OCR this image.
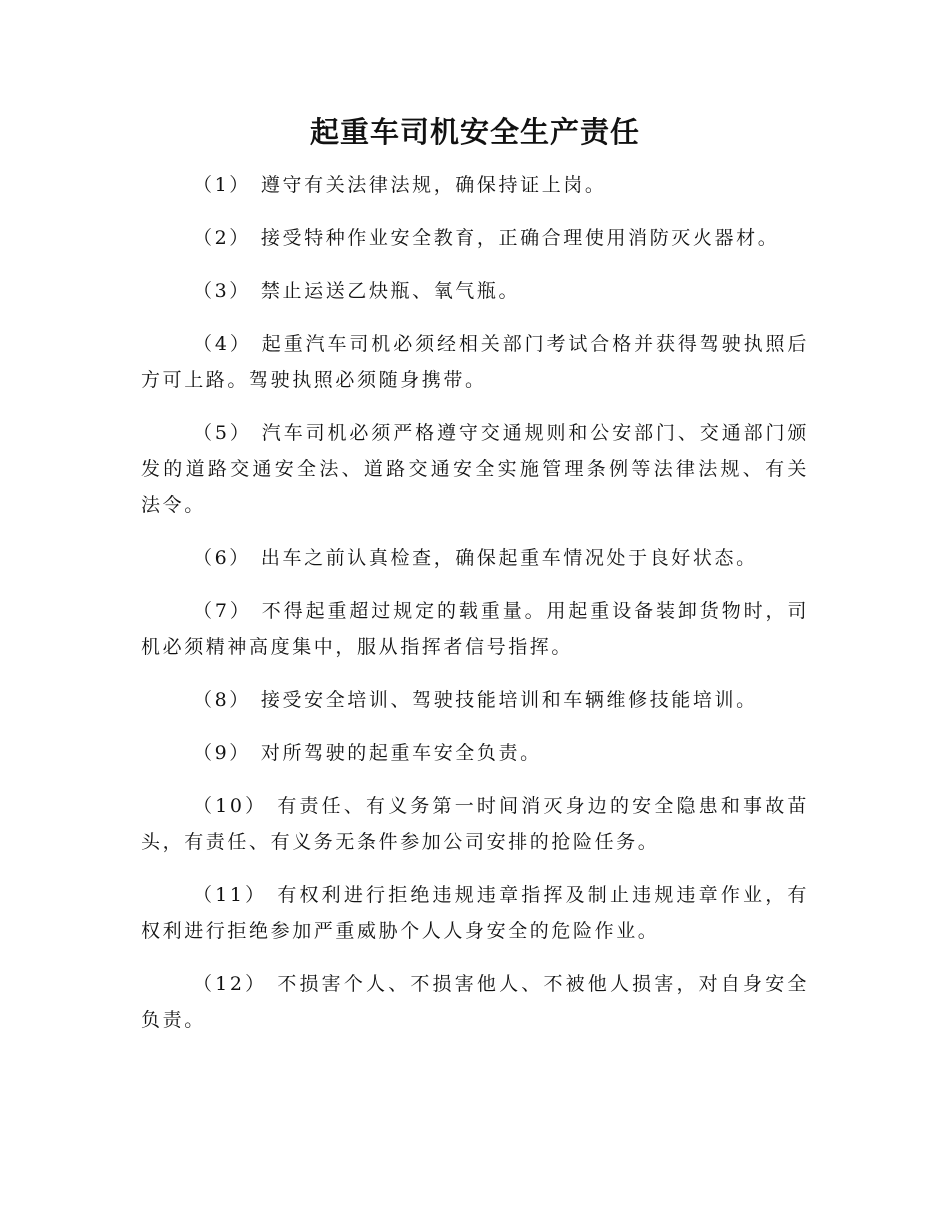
起重车司机安全生产责任

（1） 遵守有关法律法规，确保持证上岗。

（2） 接受特种作业安全教育，正确合理使用消防灭火器材。

（3） 禁止运送乙炔瓶、氧气瓶。

（4） 起重汽车司机必须经相关部门考试合格并获得驾驶执照后方可上路。驾驶执照必须随身携带。

（5） 汽车司机必须严格遵守交通规则和公安部门、交通部门颁发的道路交通安全法、道路交通安全实施管理条例等法律法规、有关法令。

（6） 出车之前认真检查，确保起重车情况处于良好状态。

（7） 不得起重超过规定的载重量。用起重设备装卸货物时，司机必须精神高度集中，服从指挥者信号指挥。

（8） 接受安全培训、驾驶技能培训和车辆维修技能培训。

（9） 对所驾驶的起重车安全负责。

（10） 有责任、有义务第一时间消灭身边的安全隐患和事故苗头，有责任、有义务无条件参加公司安排的抢险任务。

（11） 有权利进行拒绝违规违章指挥及制止违规违章作业，有权利进行拒绝参加严重威胁个人人身安全的危险作业。

（12） 不损害个人、不损害他人、不被他人损害，对自身安全负责。
